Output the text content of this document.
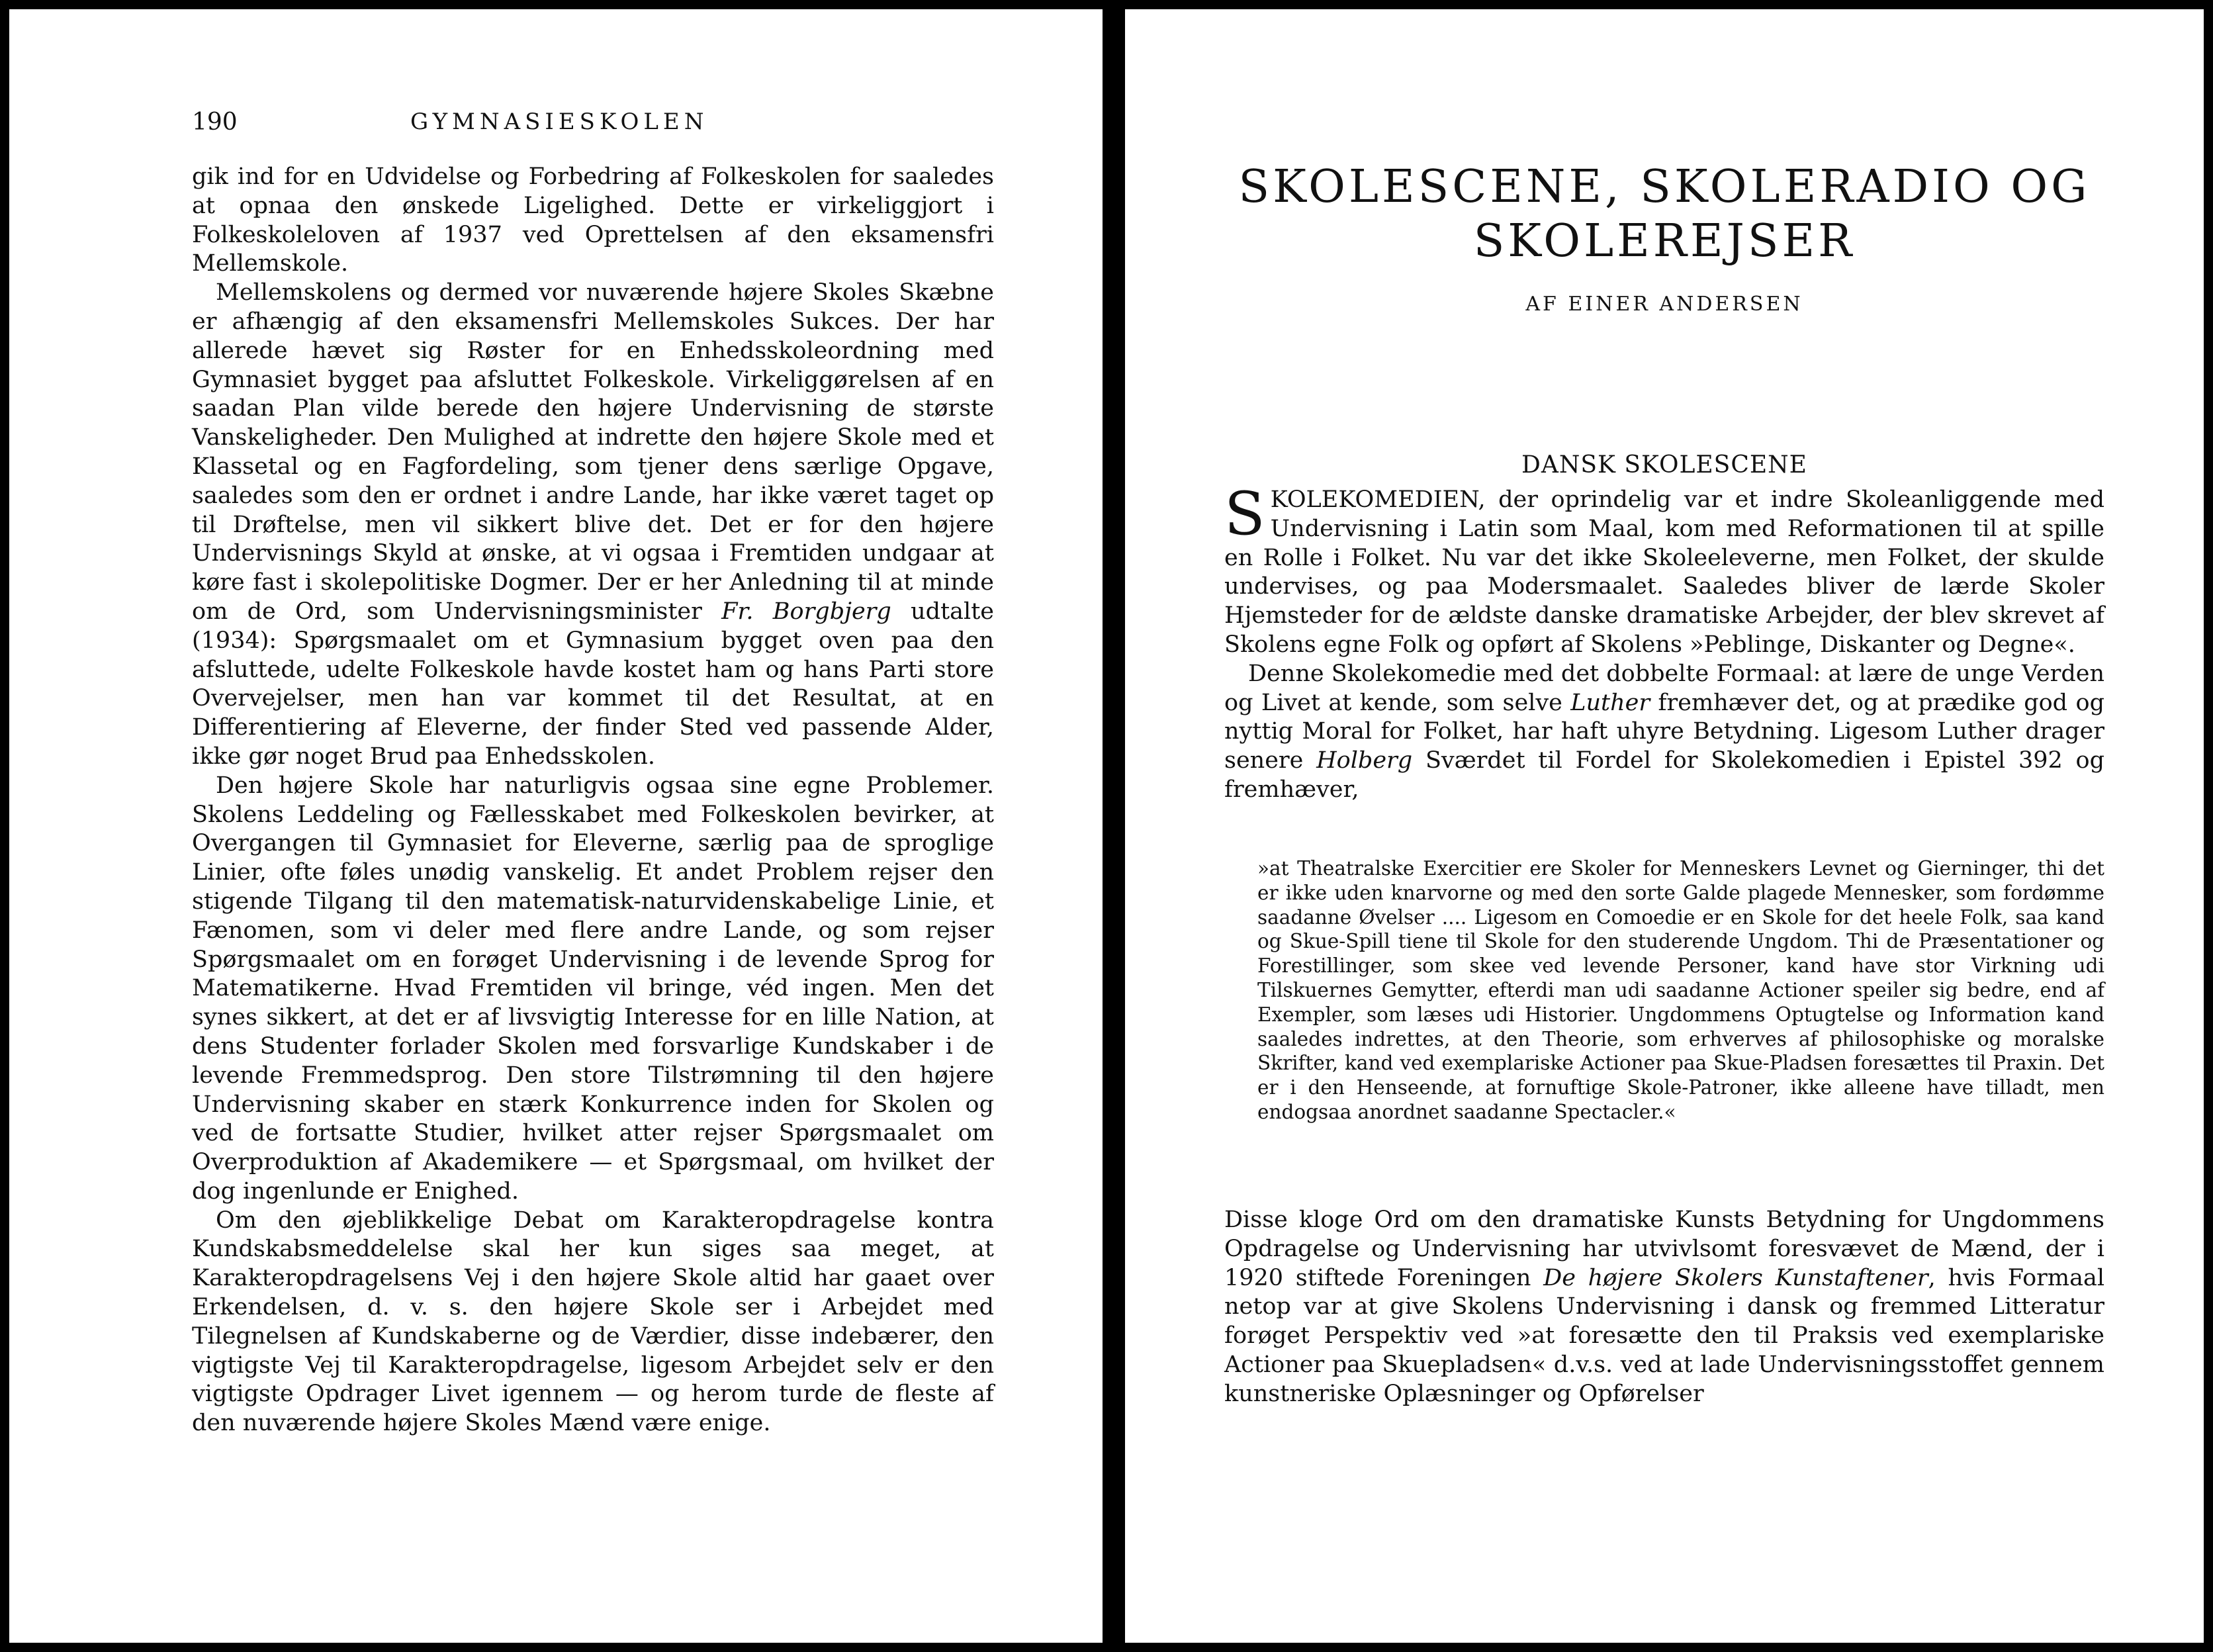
190	GYMNASIESKOLEN

gik ind for en Udvidelse og Forbedring af Folkeskolen for saaledes at opnaa den ønskede Ligelighed. Dette er virkeliggjort i Folkeskoleloven af 1937 ved Oprettelsen af den eksamensfri Mellemskole.

Mellemskolens og dermed vor nuværende højere Skoles Skæbne er afhængig af den eksamensfri Mellemskoles Sukces. Der har allerede hævet sig Røster for en Enhedsskoleordning med Gymnasiet bygget paa afsluttet Folkeskole. Virkeliggørelsen af en saadan Plan vilde berede den højere Undervisning de største Vanskeligheder. Den Mulighed at indrette den højere Skole med et Klassetal og en Fagfordeling, som tjener dens særlige Opgave, saaledes som den er ordnet i andre Lande, har ikke været taget op til Drøftelse, men vil sikkert blive det. Det er for den højere Undervisnings Skyld at ønske, at vi ogsaa i Fremtiden undgaar at køre fast i skolepolitiske Dogmer. Der er her Anledning til at minde om de Ord, som Undervisningsminister Fr. Borgbjerg udtalte (1934): Spørgsmaalet om et Gymnasium bygget oven paa den afsluttede, udelte Folkeskole havde kostet ham og hans Parti store Overvejelser, men han var kommet til det Resultat, at en Differentiering af Eleverne, der finder Sted ved passende Alder, ikke gør noget Brud paa Enhedsskolen.

Den højere Skole har naturligvis ogsaa sine egne Problemer. Skolens Leddeling og Fællesskabet med Folkeskolen bevirker, at Overgangen til Gymnasiet for Eleverne, særlig paa de sproglige Linier, ofte føles unødig vanskelig. Et andet Problem rejser den stigende Tilgang til den matematisk-naturvidenskabelige Linie, et Fænomen, som vi deler med flere andre Lande, og som rejser Spørgsmaalet om en forøget Undervisning i de levende Sprog for Matematikerne. Hvad Fremtiden vil bringe, véd ingen. Men det synes sikkert, at det er af livsvigtig Interesse for en lille Nation, at dens Studenter forlader Skolen med forsvarlige Kundskaber i de levende Fremmedsprog. Den store Tilstrømning til den højere Undervisning skaber en stærk Konkurrence inden for Skolen og ved de fortsatte Studier, hvilket atter rejser Spørgsmaalet om Overproduktion af Akademikere — et Spørgsmaal, om hvilket der dog ingenlunde er Enighed.

Om den øjeblikkelige Debat om Karakteropdragelse kontra Kundskabsmeddelelse skal her kun siges saa meget, at Karakteropdragelsens Vej i den højere Skole altid har gaaet over Erkendelsen, d. v. s. den højere Skole ser i Arbejdet med Tilegnelsen af Kundskaberne og de Værdier, disse indebærer, den vigtigste Vej til Karakteropdragelse, ligesom Arbejdet selv er den vigtigste Opdrager Livet igennem — og herom turde de fleste af den nuværende højere Skoles Mænd være enige.

SKOLESCENE, SKOLERADIO OG
SKOLEREJSER
AF EINER ANDERSEN
DANSK SKOLESCENE

SKOLEKOMEDIEN, der oprindelig var et indre Skoleanliggende med Undervisning i Latin som Maal, kom med Reformationen til at spille en Rolle i Folket. Nu var det ikke Skoleeleverne, men Folket, der skulde undervises, og paa Modersmaalet. Saaledes bliver de lærde Skoler Hjemsteder for de ældste danske dramatiske Arbejder, der blev skrevet af Skolens egne Folk og opført af Skolens »Peblinge, Diskanter og Degne«.

Denne Skolekomedie med det dobbelte Formaal: at lære de unge Verden og Livet at kende, som selve Luther fremhæver det, og at prædike god og nyttig Moral for Folket, har haft uhyre Betydning. Ligesom Luther drager senere Holberg Sværdet til Fordel for Skolekomedien i Epistel 392 og fremhæver,

»at Theatralske Exercitier ere Skoler for Menneskers Levnet og Gierninger, thi det er ikke uden knarvorne og med den sorte Galde plagede Mennesker, som fordømme saadanne Øvelser .... Ligesom en Comoedie er en Skole for det heele Folk, saa kand og Skue-Spill tiene til Skole for den studerende Ungdom. Thi de Præsentationer og Forestillinger, som skee ved levende Personer, kand have stor Virkning udi Tilskuernes Gemytter, efterdi man udi saadanne Actioner speiler sig bedre, end af Exempler, som læses udi Historier. Ungdommens Optugtelse og Information kand saaledes indrettes, at den Theorie, som erhverves af philosophiske og moralske Skrifter, kand ved exemplariske Actioner paa Skue-Pladsen foresættes til Praxin. Det er i den Henseende, at fornuftige Skole-Patroner, ikke alleene have tilladt, men endogsaa anordnet saadanne Spectacler.«

Disse kloge Ord om den dramatiske Kunsts Betydning for Ungdommens Opdragelse og Undervisning har utvivlsomt foresvævet de Mænd, der i 1920 stiftede Foreningen De højere Skolers Kunstaftener, hvis Formaal netop var at give Skolens Undervisning i dansk og fremmed Litteratur forøget Perspektiv ved »at foresætte den til Praksis ved exemplariske Actioner paa Skuepladsen« d.v.s. ved at lade Undervisningsstoffet gennem kunstneriske Oplæsninger og Opførelser
